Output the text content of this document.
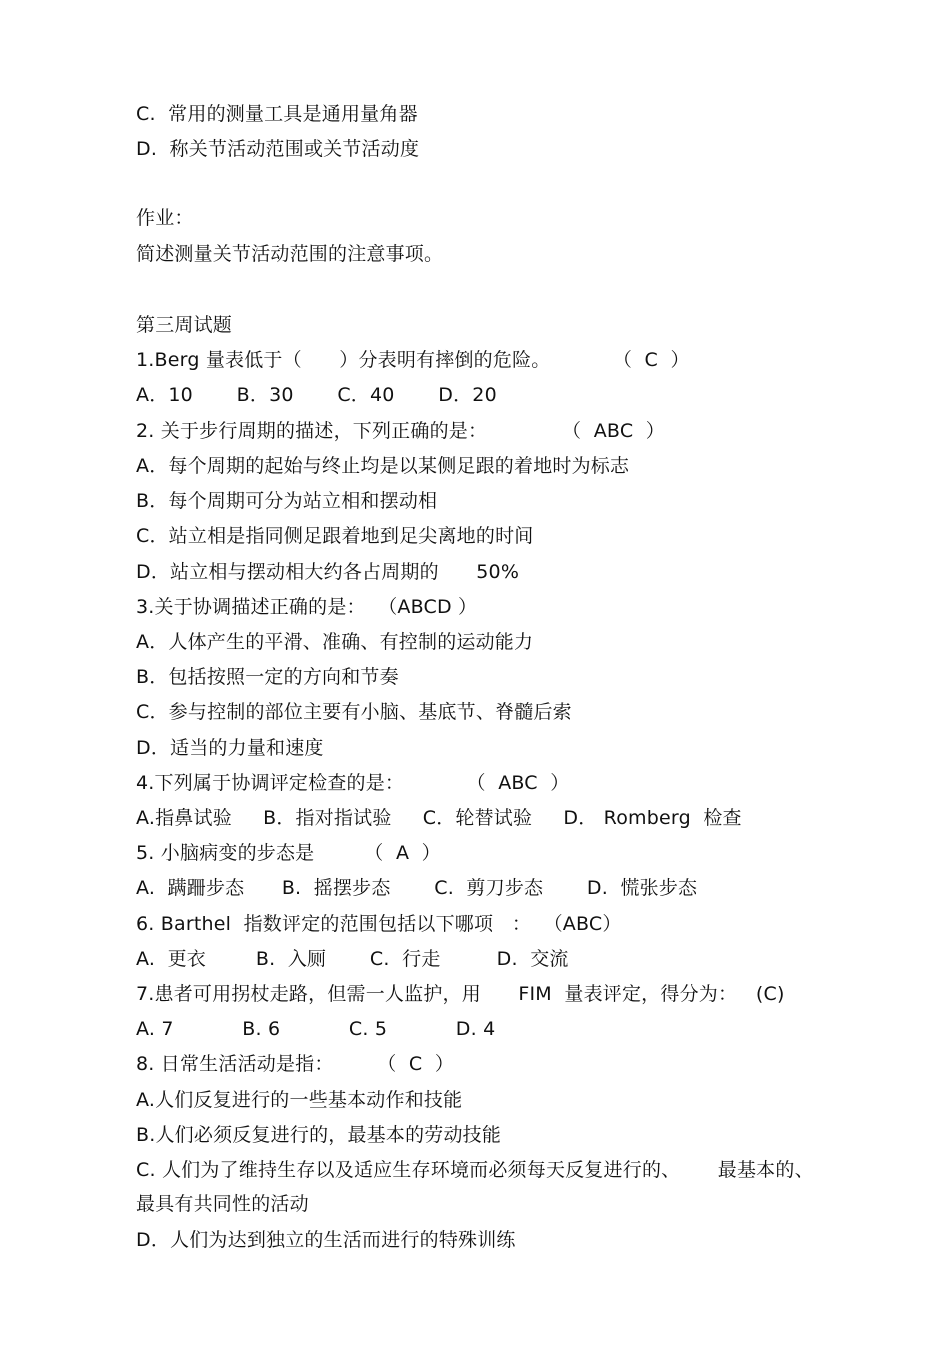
C.  常用的测量工具是通用量角器
D.  称关节活动范围或关节活动度
作业：
简述测量关节活动范围的注意事项。
第三周试题
1.Berg 量表低于（      ）分表明有摔倒的危险。          （  C  ）
A．10       B．30       C．40       D．20
2. 关于步行周期的描述，下列正确的是：            （  ABC  ）
A．每个周期的起始与终止均是以某侧足跟的着地时为标志
B．每个周期可分为站立相和摆动相
C．站立相是指同侧足跟着地到足尖离地的时间
D．站立相与摆动相大约各占周期的      50%
3.关于协调描述正确的是：  （ABCD ）
A．人体产生的平滑、准确、有控制的运动能力
B．包括按照一定的方向和节奏
C．参与控制的部位主要有小脑、基底节、脊髓后索
D．适当的力量和速度
4.下列属于协调评定检查的是：          （  ABC  ）
A.指鼻试验     B．指对指试验     C．轮替试验     D． Romberg  检查
5. 小脑病变的步态是        （  A  ）
A.  蹒跚步态      B.  摇摆步态       C.  剪刀步态       D.  慌张步态
6. Barthel  指数评定的范围包括以下哪项   ：  （ABC）
A.  更衣        B.  入厕       C.  行走         D.  交流
7.患者可用拐杖走路，但需一人监护，用      FIM  量表评定，得分为：   (C)
A. 7           B. 6           C. 5           D. 4
8. 日常生活活动是指：       （  C  ）
A.人们反复进行的一些基本动作和技能
B.人们必须反复进行的，最基本的劳动技能
C. 人们为了维持生存以及适应生存环境而必须每天反复进行的、      最基本的、
最具有共同性的活动
D．人们为达到独立的生活而进行的特殊训练
